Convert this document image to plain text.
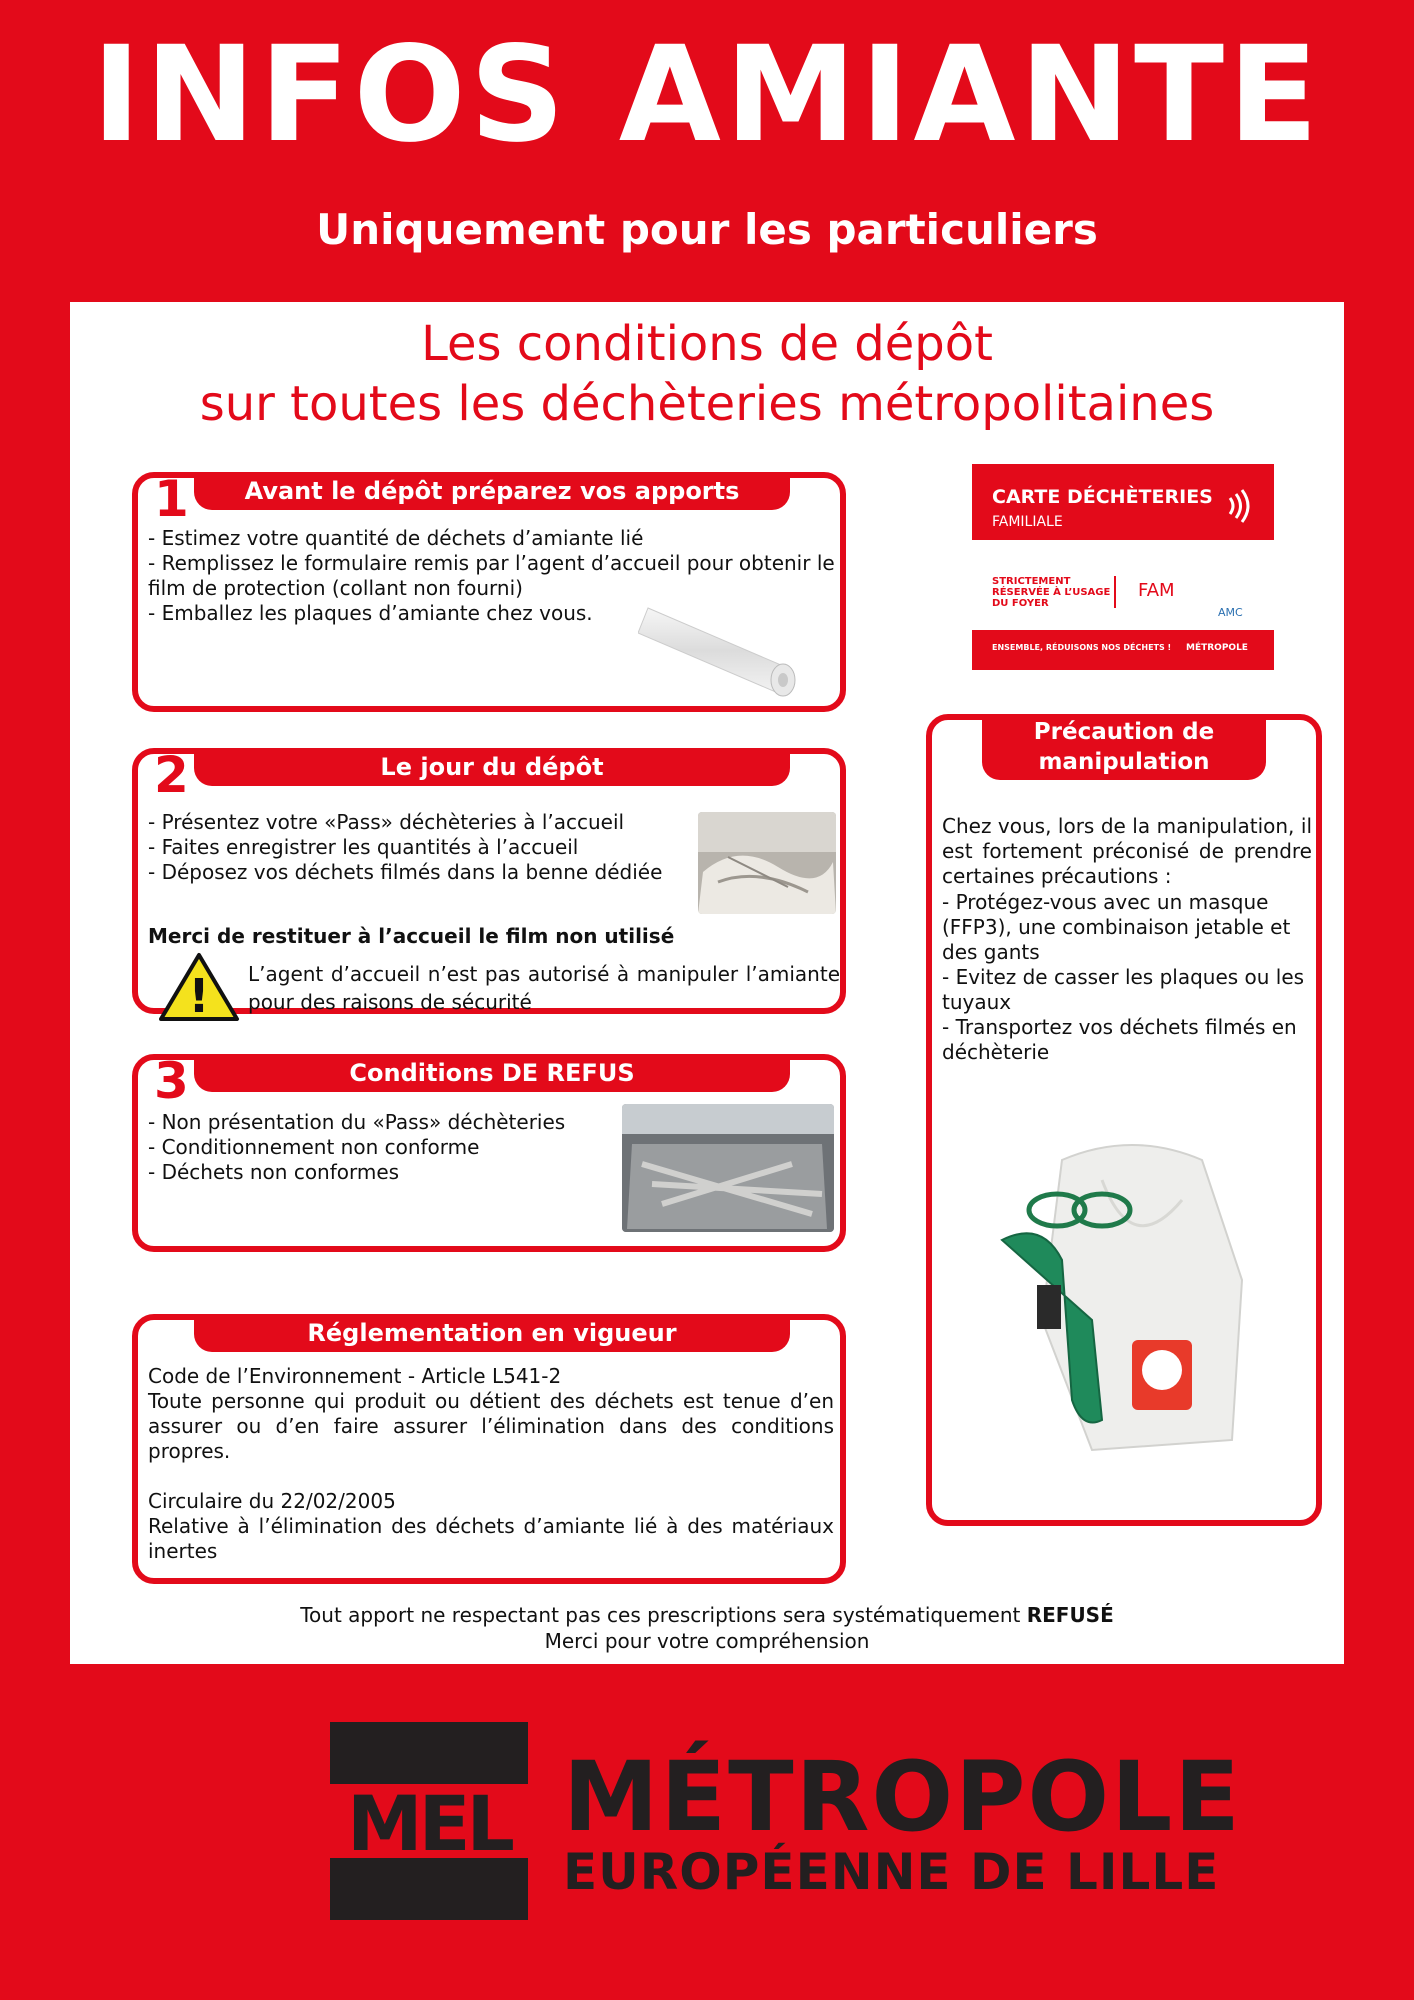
INFOS AMIANTE
Uniquement pour les particuliers
Les conditions de dépôt
sur toutes les déchèteries métropolitaines
1	Avant le dépôt préparez vos apports

- Estimez votre quantité de déchets d’amiante lié

- Remplissez le formulaire remis par l’agent d’accueil pour obtenir le film de protection (collant non fourni)

- Emballez les plaques d’amiante chez vous.

CARTE DÉCHÈTERIES
FAMILIALE
STRICTEMENT RÉSERVÉE À L’USAGE DU FOYER
FAM
AMC
ENSEMBLE, RÉDUISONS NOS DÉCHETS ! MÉTROPOLE
2	Le jour du dépôt

- Présentez votre «Pass» déchèteries à l’accueil

- Faites enregistrer les quantités à l’accueil

- Déposez vos déchets filmés dans la benne dédiée

Merci de restituer à l’accueil le film non utilisé
! L’agent d’accueil n’est pas autorisé à manipuler l’amiante pour des raisons de sécurité
Précaution de
manipulation
Chez vous, lors de la manipulation, il est fortement préconisé de prendre certaines précautions :

- Protégez-vous avec un masque (FFP3), une combinaison jetable et des gants

- Evitez de casser les plaques ou les tuyaux

- Transportez vos déchets filmés en déchèterie

3	Conditions DE REFUS

- Non présentation du «Pass» déchèteries

- Conditionnement non conforme

- Déchets non conformes

Réglementation en vigueur

Code de l’Environnement - Article L541-2

Toute personne qui produit ou détient des déchets est tenue d’en assurer ou d’en faire assurer l’élimination dans des conditions propres.

Circulaire du 22/02/2005

Relative à l’élimination des déchets d’amiante lié à des matériaux inertes

Tout apport ne respectant pas ces prescriptions sera systématiquement REFUSÉ
Merci pour votre compréhension
MEL MÉTROPOLE
EUROPÉENNE DE LILLE
